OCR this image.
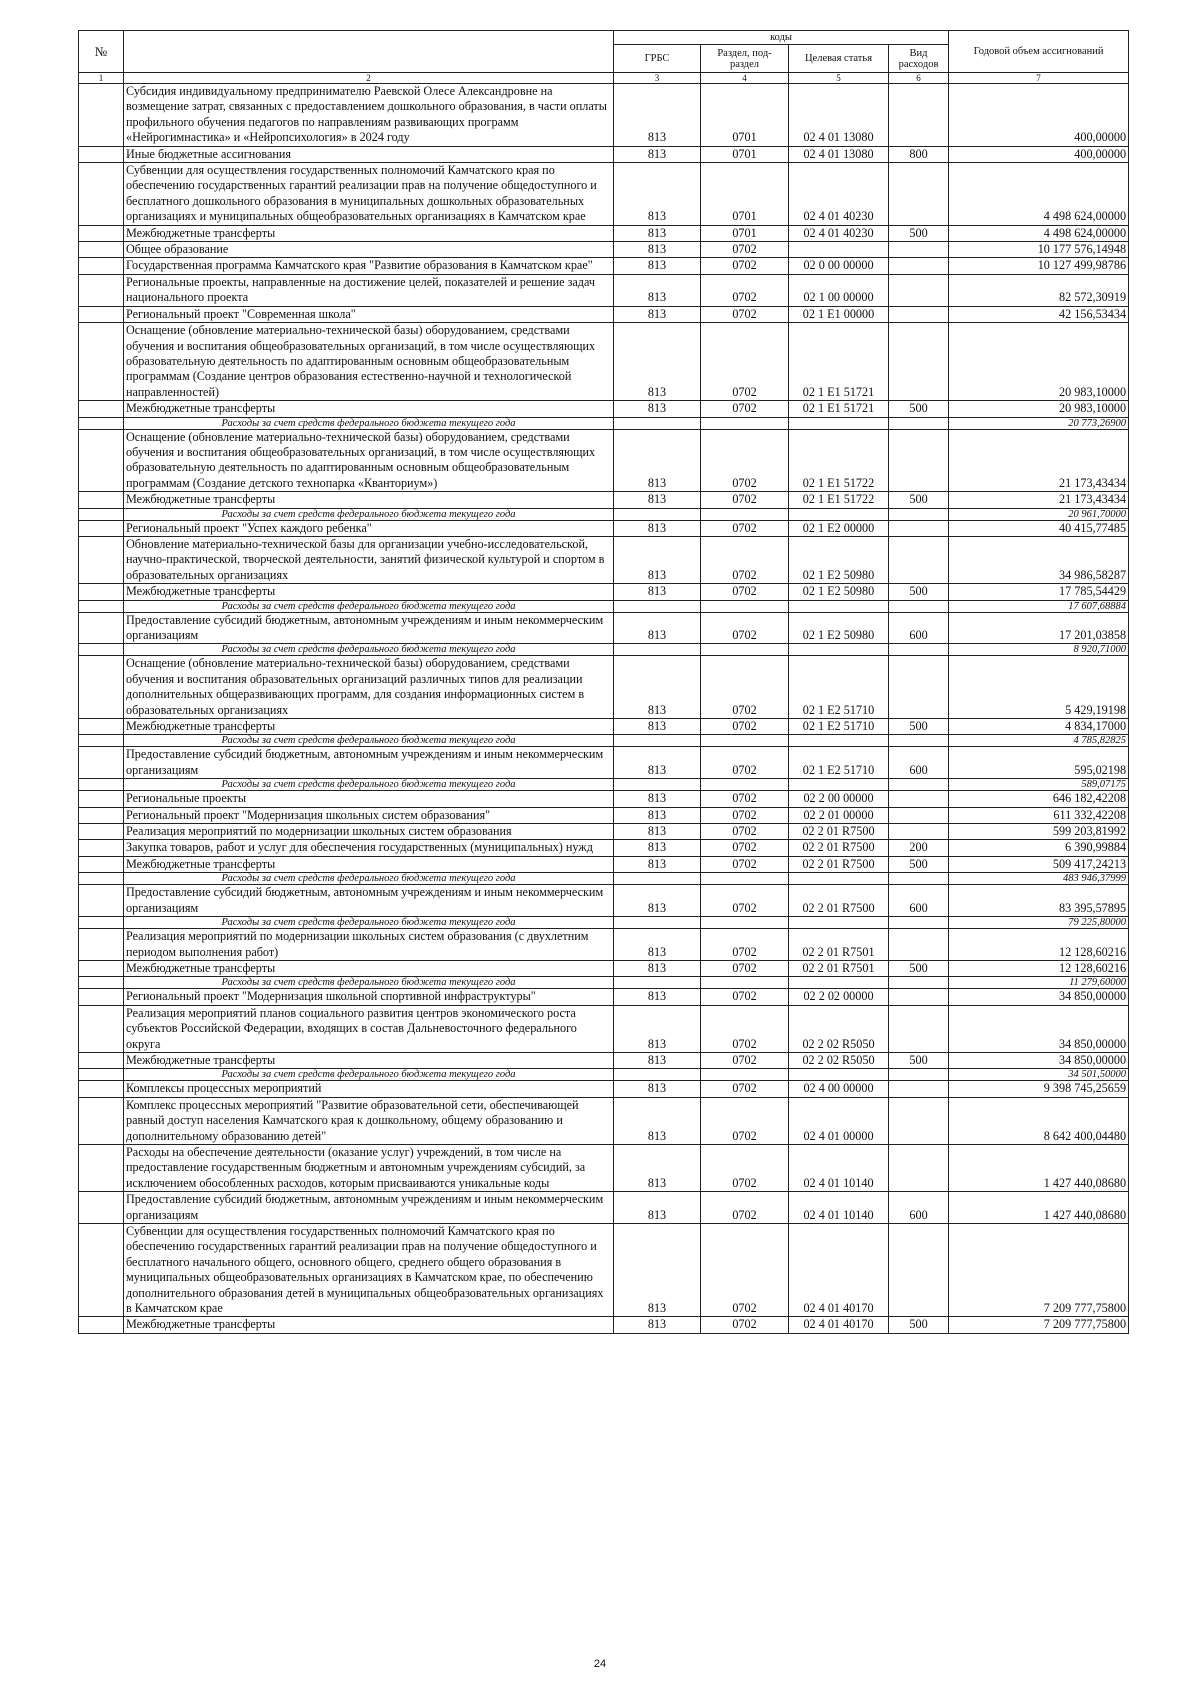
№		коды				Годовой объем ассигнований
		ГРБС	Раздел, под- раздел	Целевая статья	Вид расходов	
1	2	3	4	5	6	7
	Субсидия индивидуальному предпринимателю Раевской Олесе Александровне на возмещение затрат, связанных с предоставлением дошкольного образования, в части оплаты профильного обучения педагогов по направлениям развивающих программ «Нейрогимнастика» и «Нейропсихология» в 2024 году	813	0701	02 4 01 13080		400,00000
	Иные бюджетные ассигнования	813	0701	02 4 01 13080	800	400,00000
	Субвенции для осуществления государственных полномочий Камчатского края по обеспечению государственных гарантий реализации прав на получение общедоступного и бесплатного дошкольного образования в муниципальных дошкольных образовательных организациях и муниципальных общеобразовательных организациях в Камчатском крае	813	0701	02 4 01 40230		4 498 624,00000
	Межбюджетные трансферты	813	0701	02 4 01 40230	500	4 498 624,00000
	Общее образование	813	0702			10 177 576,14948
	Государственная программа Камчатского края "Развитие образования в Камчатском крае"	813	0702	02 0 00 00000		10 127 499,98786
	Региональные проекты, направленные на достижение целей, показателей и решение задач национального проекта	813	0702	02 1 00 00000		82 572,30919
	Региональный проект "Современная школа"	813	0702	02 1 E1 00000		42 156,53434
	Оснащение (обновление материально-технической базы) оборудованием, средствами обучения и воспитания общеобразовательных организаций, в том числе осуществляющих образовательную деятельность по адаптированным основным общеобразовательным программам (Создание центров образования естественно-научной и технологической направленностей)	813	0702	02 1 E1 51721		20 983,10000
	Межбюджетные трансферты	813	0702	02 1 E1 51721	500	20 983,10000
	Расходы за счет средств федерального бюджета текущего года					20 773,26900
	Оснащение (обновление материально-технической базы) оборудованием, средствами обучения и воспитания общеобразовательных организаций, в том числе осуществляющих образовательную деятельность по адаптированным основным общеобразовательным программам (Создание детского технопарка «Кванториум»)	813	0702	02 1 E1 51722		21 173,43434
	Межбюджетные трансферты	813	0702	02 1 E1 51722	500	21 173,43434
	Расходы за счет средств федерального бюджета текущего года					20 961,70000
	Региональный проект "Успех каждого ребенка"	813	0702	02 1 E2 00000		40 415,77485
	Обновление материально-технической базы для организации учебно-исследовательской, научно-практической, творческой деятельности, занятий физической культурой и спортом в образовательных организациях	813	0702	02 1 E2 50980		34 986,58287
	Межбюджетные трансферты	813	0702	02 1 E2 50980	500	17 785,54429
	Расходы за счет средств федерального бюджета текущего года					17 607,68884
	Предоставление субсидий бюджетным, автономным учреждениям и иным некоммерческим организациям	813	0702	02 1 E2 50980	600	17 201,03858
	Расходы за счет средств федерального бюджета текущего года					8 920,71000
	Оснащение (обновление материально-технической базы) оборудованием, средствами обучения и воспитания образовательных организаций различных типов для реализации дополнительных общеразвивающих программ, для создания информационных систем в образовательных организациях	813	0702	02 1 E2 51710		5 429,19198
	Межбюджетные трансферты	813	0702	02 1 E2 51710	500	4 834,17000
	Расходы за счет средств федерального бюджета текущего года					4 785,82825
	Предоставление субсидий бюджетным, автономным учреждениям и иным некоммерческим организациям	813	0702	02 1 E2 51710	600	595,02198
	Расходы за счет средств федерального бюджета текущего года					589,07175
	Региональные проекты	813	0702	02 2 00 00000		646 182,42208
	Региональный проект "Модернизация школьных систем образования"	813	0702	02 2 01 00000		611 332,42208
	Реализация мероприятий по модернизации школьных систем образования	813	0702	02 2 01 R7500		599 203,81992
	Закупка товаров, работ и услуг для обеспечения государственных (муниципальных) нужд	813	0702	02 2 01 R7500	200	6 390,99884
	Межбюджетные трансферты	813	0702	02 2 01 R7500	500	509 417,24213
	Расходы за счет средств федерального бюджета текущего года					483 946,37999
	Предоставление субсидий бюджетным, автономным учреждениям и иным некоммерческим организациям	813	0702	02 2 01 R7500	600	83 395,57895
	Расходы за счет средств федерального бюджета текущего года					79 225,80000
	Реализация мероприятий по модернизации школьных систем образования (с двухлетним периодом выполнения работ)	813	0702	02 2 01 R7501		12 128,60216
	Межбюджетные трансферты	813	0702	02 2 01 R7501	500	12 128,60216
	Расходы за счет средств федерального бюджета текущего года					11 279,60000
	Региональный проект "Модернизация школьной спортивной инфраструктуры"	813	0702	02 2 02 00000		34 850,00000
	Реализация мероприятий планов социального развития центров экономического роста субъектов Российской Федерации, входящих в состав Дальневосточного федерального округа	813	0702	02 2 02 R5050		34 850,00000
	Межбюджетные трансферты	813	0702	02 2 02 R5050	500	34 850,00000
	Расходы за счет средств федерального бюджета текущего года					34 501,50000
	Комплексы процессных мероприятий	813	0702	02 4 00 00000		9 398 745,25659
	Комплекс процессных мероприятий "Развитие образовательной сети, обеспечивающей равный доступ населения Камчатского края к дошкольному, общему образованию и дополнительному образованию детей"	813	0702	02 4 01 00000		8 642 400,04480
	Расходы на обеспечение деятельности (оказание услуг) учреждений, в том числе на предоставление государственным бюджетным и автономным учреждениям субсидий, за исключением обособленных расходов, которым присваиваются уникальные коды	813	0702	02 4 01 10140		1 427 440,08680
	Предоставление субсидий бюджетным, автономным учреждениям и иным некоммерческим организациям	813	0702	02 4 01 10140	600	1 427 440,08680
	Субвенции для осуществления государственных полномочий Камчатского края по обеспечению государственных гарантий реализации прав на получение общедоступного и бесплатного начального общего, основного общего, среднего общего образования в муниципальных общеобразовательных организациях в Камчатском крае, по обеспечению дополнительного образования детей в муниципальных общеобразовательных организациях в Камчатском крае	813	0702	02 4 01 40170		7 209 777,75800
	Межбюджетные трансферты	813	0702	02 4 01 40170	500	7 209 777,75800
24
